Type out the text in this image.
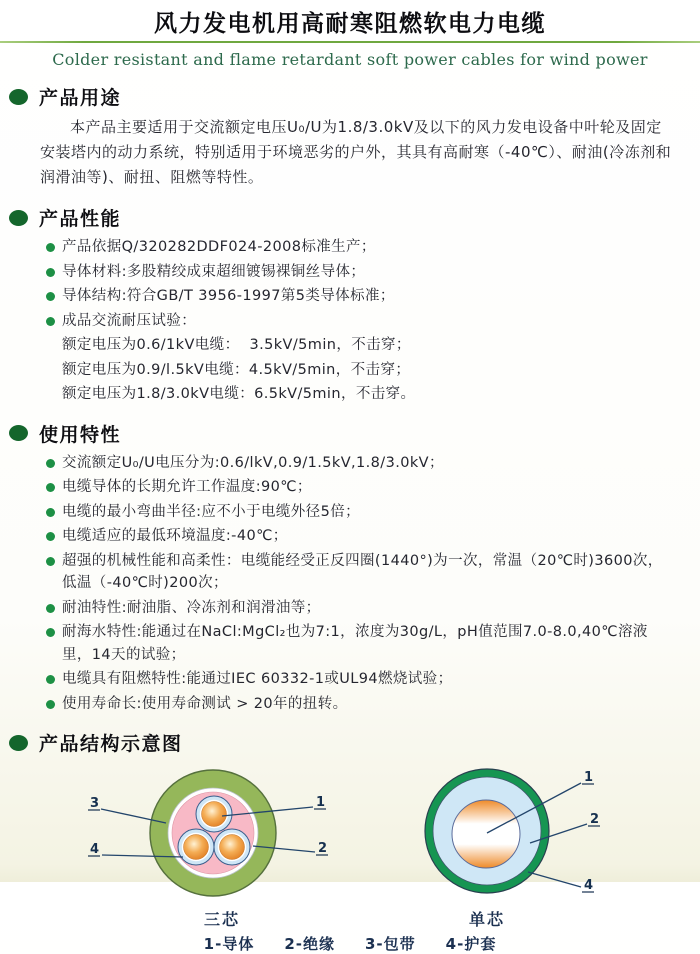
风力发电机用高耐寒阻燃软电力电缆
Colder resistant and flame retardant soft power cables for wind power
产品用途
本产品主要适用于交流额定电压U₀/U为1.8/3.0kV及以下的风力发电设备中叶轮及固定安装塔内的动力系统，特别适用于环境恶劣的户外，其具有高耐寒（-40℃）、耐油(冷冻剂和润滑油等)、耐扭、阻燃等特性。
产品性能
产品依据Q/320282DDF024-2008标准生产；
导体材料:多股精绞成束超细镀锡裸铜丝导体；
导体结构:符合GB/T 3956-1997第5类导体标准；
成品交流耐压试验：
额定电压为0.6/1kV电缆：  3.5kV/5min，不击穿；
额定电压为0.9/l.5kV电缆：4.5kV/5min，不击穿；
额定电压为1.8/3.0kV电缆：6.5kV/5min，不击穿。
使用特性
交流额定U₀/U电压分为:0.6/lkV,0.9/1.5kV,1.8/3.0kV；
电缆导体的长期允许工作温度:90℃；
电缆的最小弯曲半径:应不小于电缆外径5倍；
电缆适应的最低环境温度:-40℃；
超强的机械性能和高柔性：电缆能经受正反四圈(1440°)为一次，常温（20℃时)3600次，低温（-40℃时)200次；
耐油特性:耐油脂、冷冻剂和润滑油等；
耐海水特性:能通过在NaCl:MgCl₂也为7:1，浓度为30g/L，pH值范围7.0-8.0,40℃溶液里，14天的试验；
电缆具有阻燃特性:能通过IEC 60332-1或UL94燃烧试验；
使用寿命长:使用寿命测试 > 20年的扭转。
产品结构示意图
3
4
1
2
三芯
1
2
4
单芯
1-导体 2-绝缘 3-包带 4-护套
